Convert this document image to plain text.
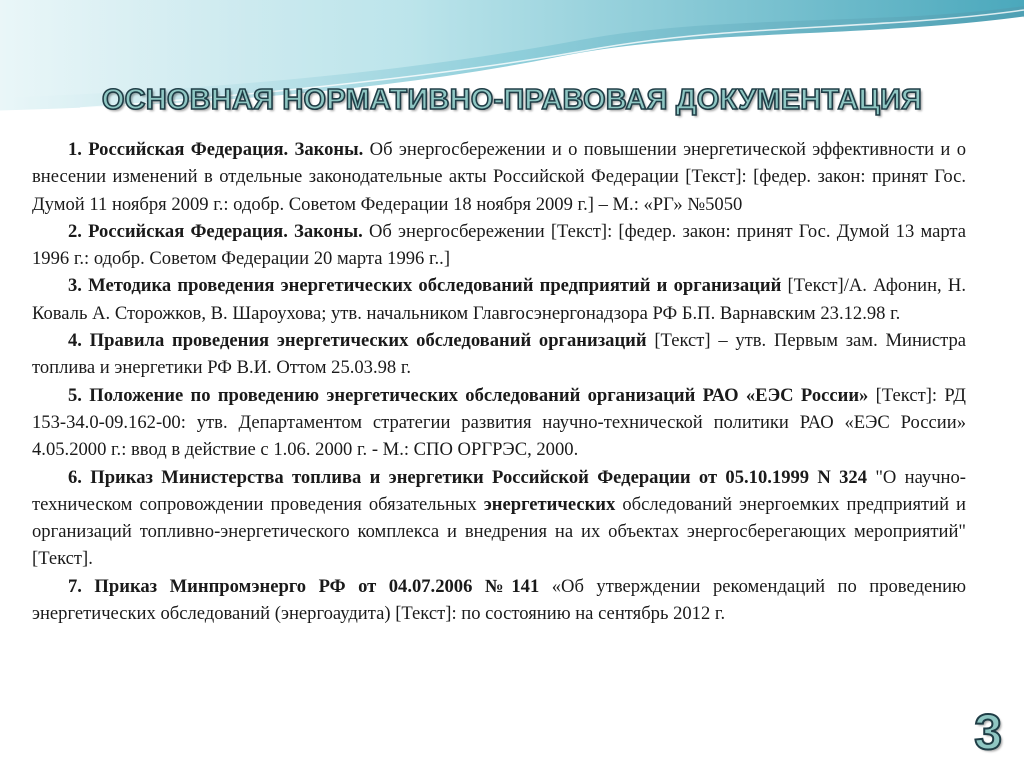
ОСНОВНАЯ НОРМАТИВНО-ПРАВОВАЯ ДОКУМЕНТАЦИЯ

1. Российская Федерация. Законы. Об энергосбережении и о повышении энергетической эффективности и о внесении изменений в отдельные законодательные акты Российской Федерации [Текст]: [федер. закон: принят Гос. Думой 11 ноября 2009 г.: одобр. Советом Федерации 18 ноября 2009 г.] – М.: «РГ» №5050

2. Российская Федерация. Законы. Об энергосбережении [Текст]: [федер. закон: принят Гос. Думой 13 марта 1996 г.: одобр. Советом Федерации 20 марта 1996 г..]

3. Методика проведения энергетических обследований предприятий и организаций [Текст]/А. Афонин, Н. Коваль А. Сторожков, В. Шароухова; утв. начальником Главгосэнергонадзора РФ Б.П. Варнавским 23.12.98 г.

4. Правила проведения энергетических обследований организаций [Текст] – утв. Первым зам. Министра топлива и энергетики РФ В.И. Оттом 25.03.98 г.

5. Положение по проведению энергетических обследований организаций РАО «ЕЭС России» [Текст]: РД 153-34.0-09.162-00: утв. Департаментом стратегии развития научно-технической политики РАО «ЕЭС России» 4.05.2000 г.: ввод в действие с 1.06. 2000 г. - М.: СПО ОРГРЭС, 2000.

6. Приказ Министерства топлива и энергетики Российской Федерации от 05.10.1999 N 324 "О научно-техническом сопровождении проведения обязательных энергетических обследований энергоемких предприятий и организаций топливно-энергетического комплекса и внедрения на их объектах энергосберегающих мероприятий" [Текст].

7. Приказ Минпромэнерго РФ от 04.07.2006 №141 «Об утверждении рекомендаций по проведению энергетических обследований (энергоаудита) [Текст]: по состоянию на сентябрь 2012 г.

3
